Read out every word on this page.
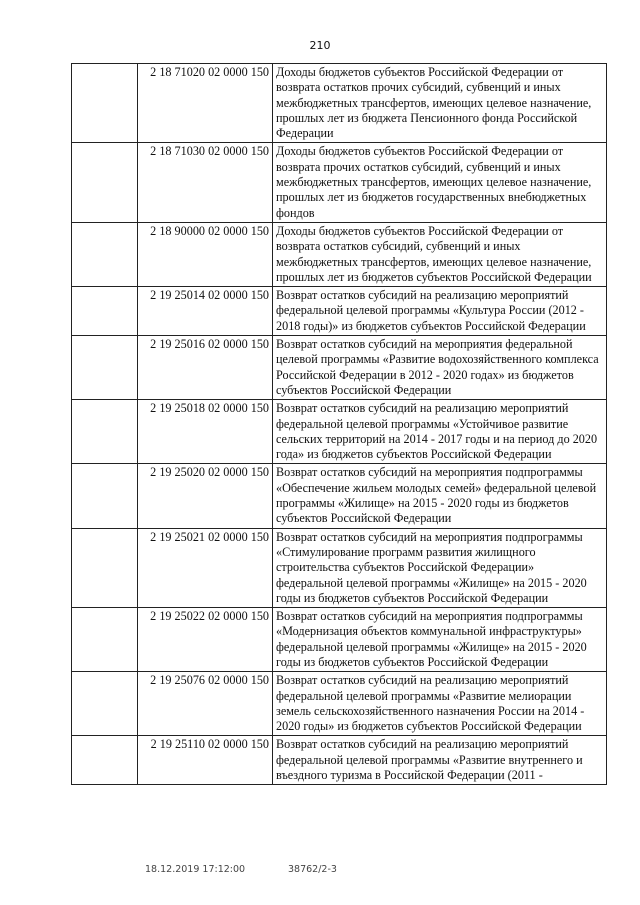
210
	2 18 71020 02 0000 150	Доходы бюджетов субъектов Российской Федерации от возврата остатков прочих субсидий, субвенций и иных межбюджетных трансфертов, имеющих целевое назначение, прошлых лет из бюджета Пенсионного фонда Российской Федерации
	2 18 71030 02 0000 150	Доходы бюджетов субъектов Российской Федерации от возврата прочих остатков субсидий, субвенций и иных межбюджетных трансфертов, имеющих целевое назначение, прошлых лет из бюджетов государственных внебюджетных фондов
	2 18 90000 02 0000 150	Доходы бюджетов субъектов Российской Федерации от возврата остатков субсидий, субвенций и иных межбюджетных трансфертов, имеющих целевое назначение, прошлых лет из бюджетов субъектов Российской Федерации
	2 19 25014 02 0000 150	Возврат остатков субсидий на реализацию мероприятий федеральной целевой программы «Культура России (2012 - 2018 годы)» из бюджетов субъектов Российской Федерации
	2 19 25016 02 0000 150	Возврат остатков субсидий на мероприятия федеральной целевой программы «Развитие водохозяйственного комплекса Российской Федерации в 2012 - 2020 годах» из бюджетов субъектов Российской Федерации
	2 19 25018 02 0000 150	Возврат остатков субсидий на реализацию мероприятий федеральной целевой программы «Устойчивое развитие сельских территорий на 2014 - 2017 годы и на период до 2020 года» из бюджетов субъектов Российской Федерации
	2 19 25020 02 0000 150	Возврат остатков субсидий на мероприятия подпрограммы «Обеспечение жильем молодых семей» федеральной целевой программы «Жилище» на 2015 - 2020 годы из бюджетов субъектов Российской Федерации
	2 19 25021 02 0000 150	Возврат остатков субсидий на мероприятия подпрограммы «Стимулирование программ развития жилищного строительства субъектов Российской Федерации» федеральной целевой программы «Жилище» на 2015 - 2020 годы из бюджетов субъектов Российской Федерации
	2 19 25022 02 0000 150	Возврат остатков субсидий на мероприятия подпрограммы «Модернизация объектов коммунальной инфраструктуры» федеральной целевой программы «Жилище» на 2015 - 2020 годы из бюджетов субъектов Российской Федерации
	2 19 25076 02 0000 150	Возврат остатков субсидий на реализацию мероприятий федеральной целевой программы «Развитие мелиорации земель сельскохозяйственного назначения России на 2014 - 2020 годы» из бюджетов субъектов Российской Федерации
	2 19 25110 02 0000 150	Возврат остатков субсидий на реализацию мероприятий федеральной целевой программы «Развитие внутреннего и въездного туризма в Российской Федерации (2011 -
18.12.2019 17:12:00	38762/2-3
